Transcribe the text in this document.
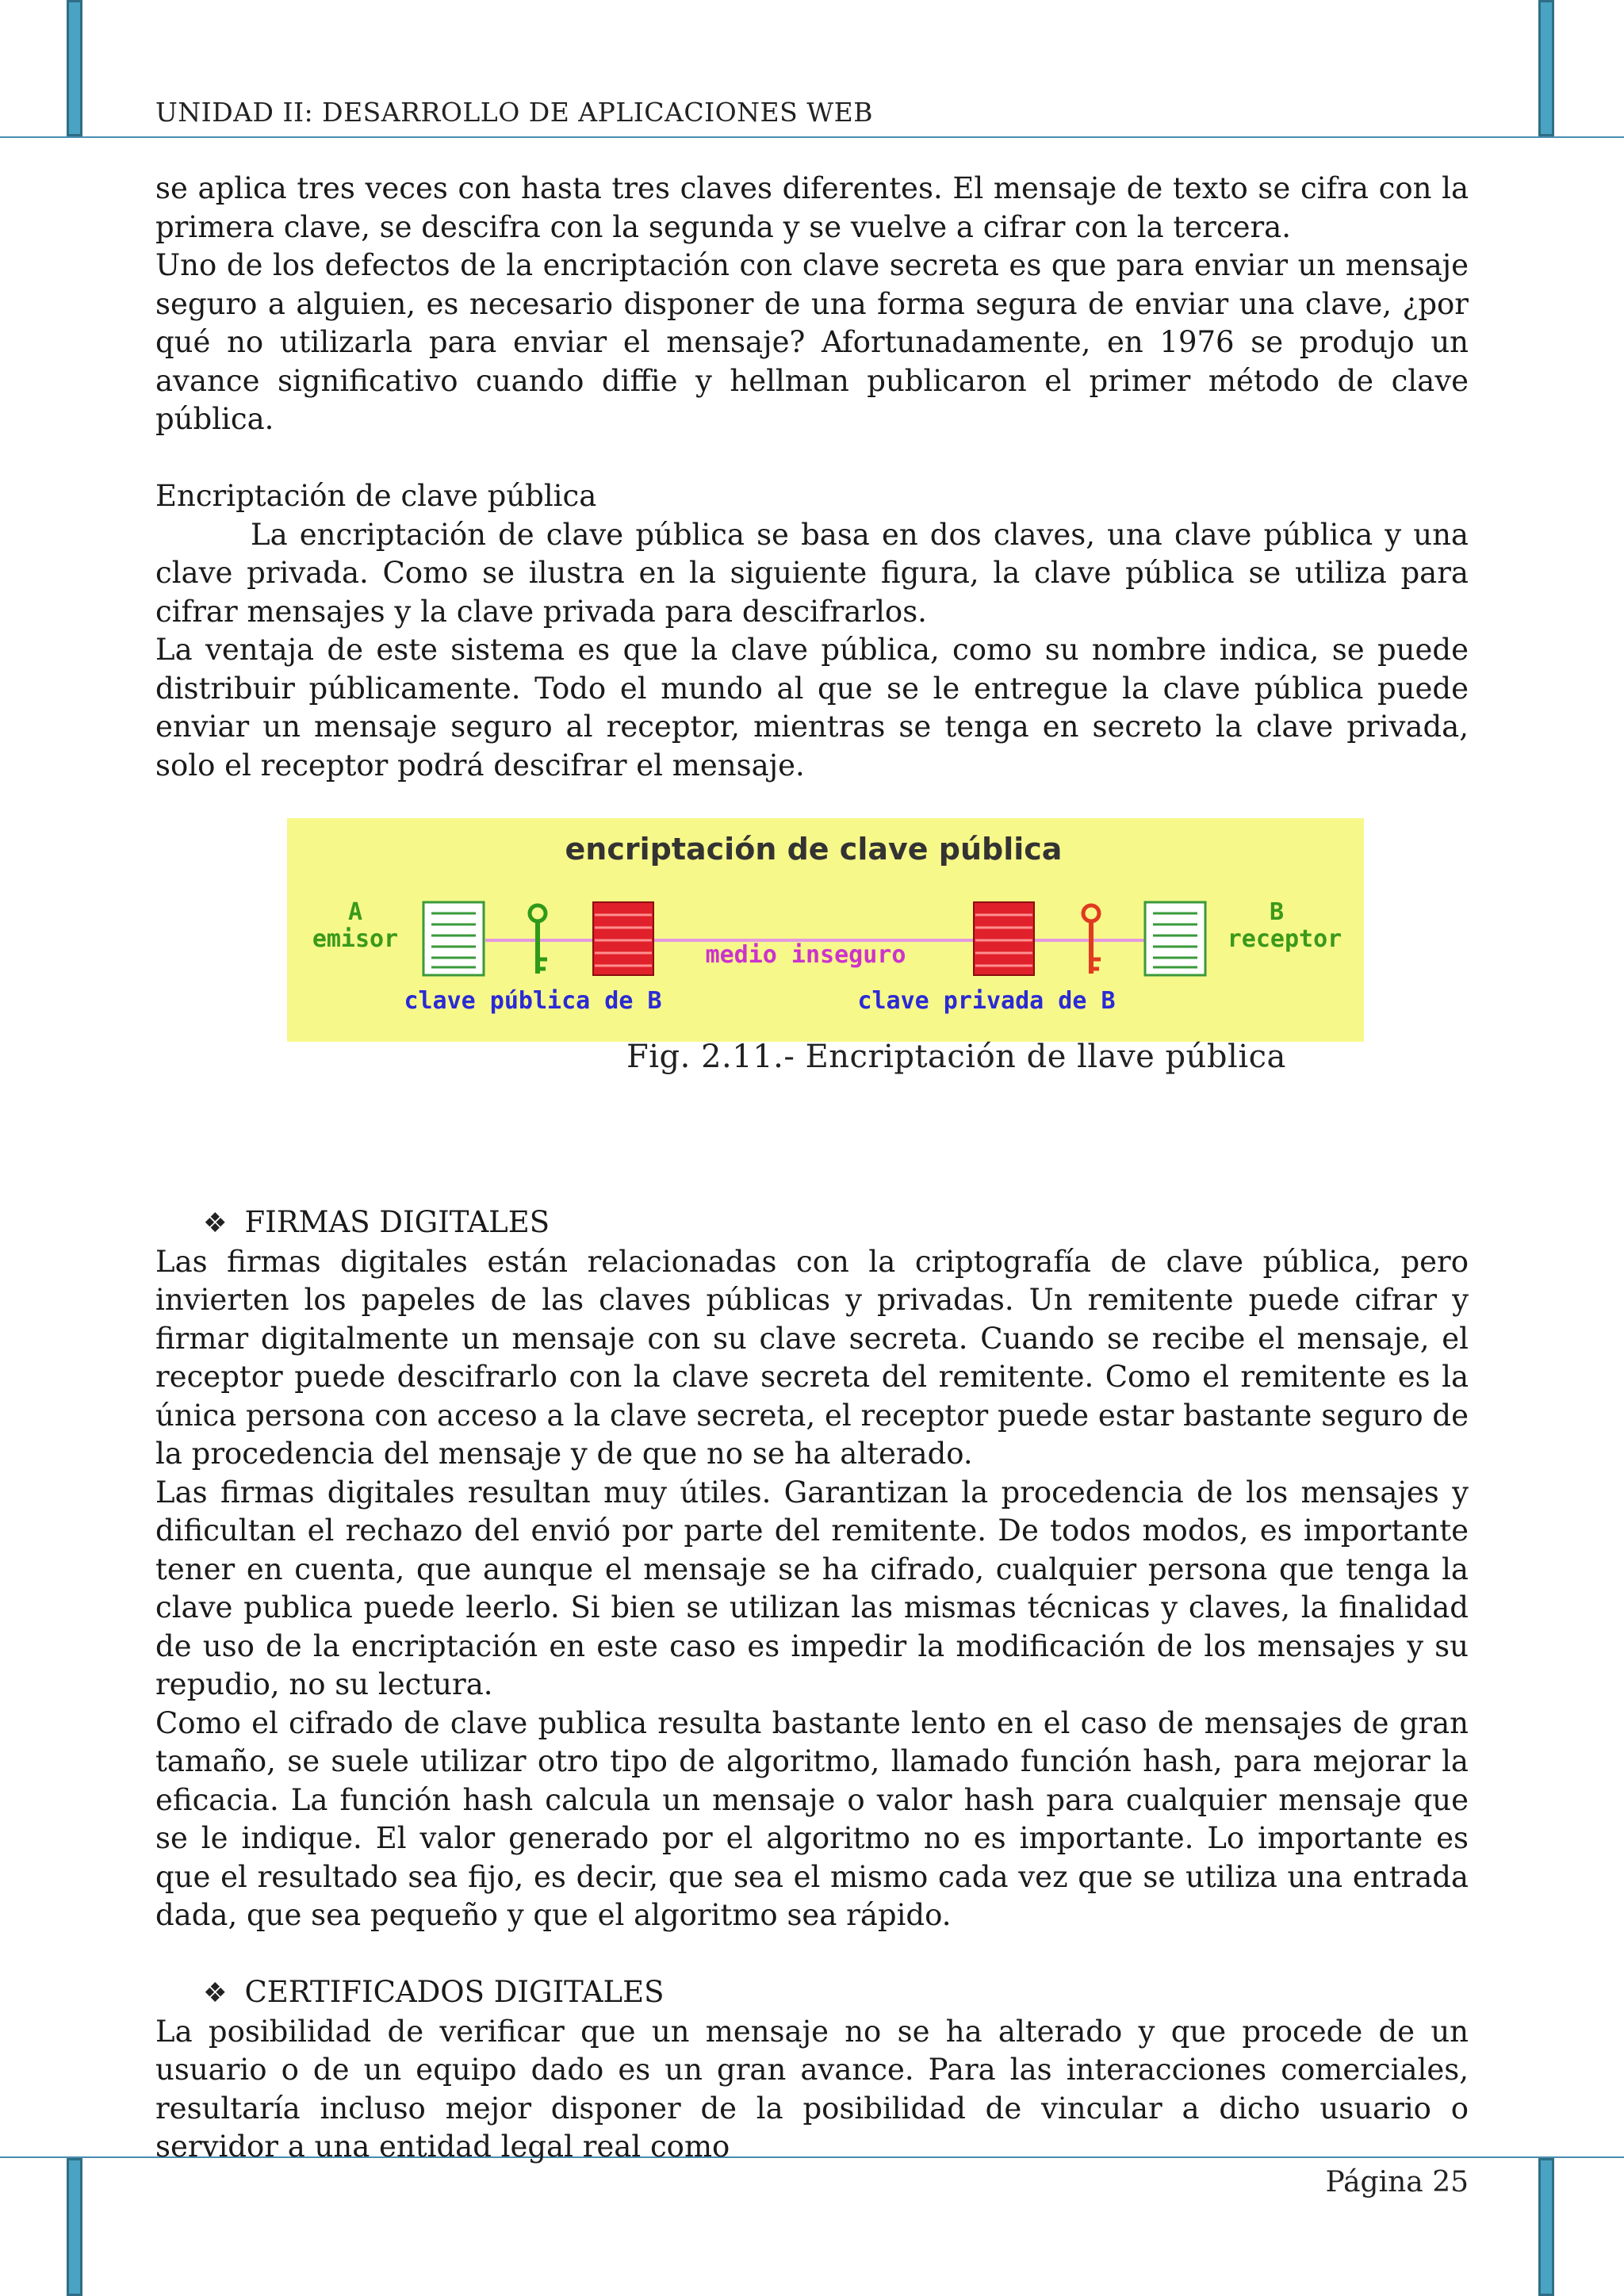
UNIDAD II: DESARROLLO DE APLICACIONES WEB

se aplica tres veces con hasta tres claves diferentes. El mensaje de texto se cifra con la primera clave, se descifra con la segunda y se vuelve a cifrar con la tercera.

Uno de los defectos de la encriptación con clave secreta es que para enviar un mensaje seguro a alguien, es necesario disponer de una forma segura de enviar una clave, ¿por qué no utilizarla para enviar el mensaje? Afortunadamente, en 1976 se produjo un avance significativo cuando diffie y hellman publicaron el primer método de clave pública.

Encriptación de clave pública

La encriptación de clave pública se basa en dos claves, una clave pública y una clave privada. Como se ilustra en la siguiente figura, la clave pública se utiliza para cifrar mensajes y la clave privada para descifrarlos.

La ventaja de este sistema es que la clave pública, como su nombre indica, se puede distribuir públicamente. Todo el mundo al que se le entregue la clave pública puede enviar un mensaje seguro al receptor, mientras se tenga en secreto la clave privada, solo el receptor podrá descifrar el mensaje.

encriptación de clave pública
A
emisor
medio inseguro
B
receptor
clave pública de B	clave privada de B
Fig. 2.11.- Encriptación de llave pública

❖ FIRMAS DIGITALES

Las firmas digitales están relacionadas con la criptografía de clave pública, pero invierten los papeles de las claves públicas y privadas. Un remitente puede cifrar y firmar digitalmente un mensaje con su clave secreta. Cuando se recibe el mensaje, el receptor puede descifrarlo con la clave secreta del remitente. Como el remitente es la única persona con acceso a la clave secreta, el receptor puede estar bastante seguro de la procedencia del mensaje y de que no se ha alterado.

Las firmas digitales resultan muy útiles. Garantizan la procedencia de los mensajes y dificultan el rechazo del envió por parte del remitente. De todos modos, es importante tener en cuenta, que aunque el mensaje se ha cifrado, cualquier persona que tenga la clave publica puede leerlo. Si bien se utilizan las mismas técnicas y claves, la finalidad de uso de la encriptación en este caso es impedir la modificación de los mensajes y su repudio, no su lectura.

Como el cifrado de clave publica resulta bastante lento en el caso de mensajes de gran tamaño, se suele utilizar otro tipo de algoritmo, llamado función hash, para mejorar la eficacia. La función hash calcula un mensaje o valor hash para cualquier mensaje que se le indique. El valor generado por el algoritmo no es importante. Lo importante es que el resultado sea fijo, es decir, que sea el mismo cada vez que se utiliza una entrada dada, que sea pequeño y que el algoritmo sea rápido.

❖ CERTIFICADOS DIGITALES

La posibilidad de verificar que un mensaje no se ha alterado y que procede de un usuario o de un equipo dado es un gran avance. Para las interacciones comerciales, resultaría incluso mejor disponer de la posibilidad de vincular a dicho usuario o servidor a una entidad legal real como

Página 25
